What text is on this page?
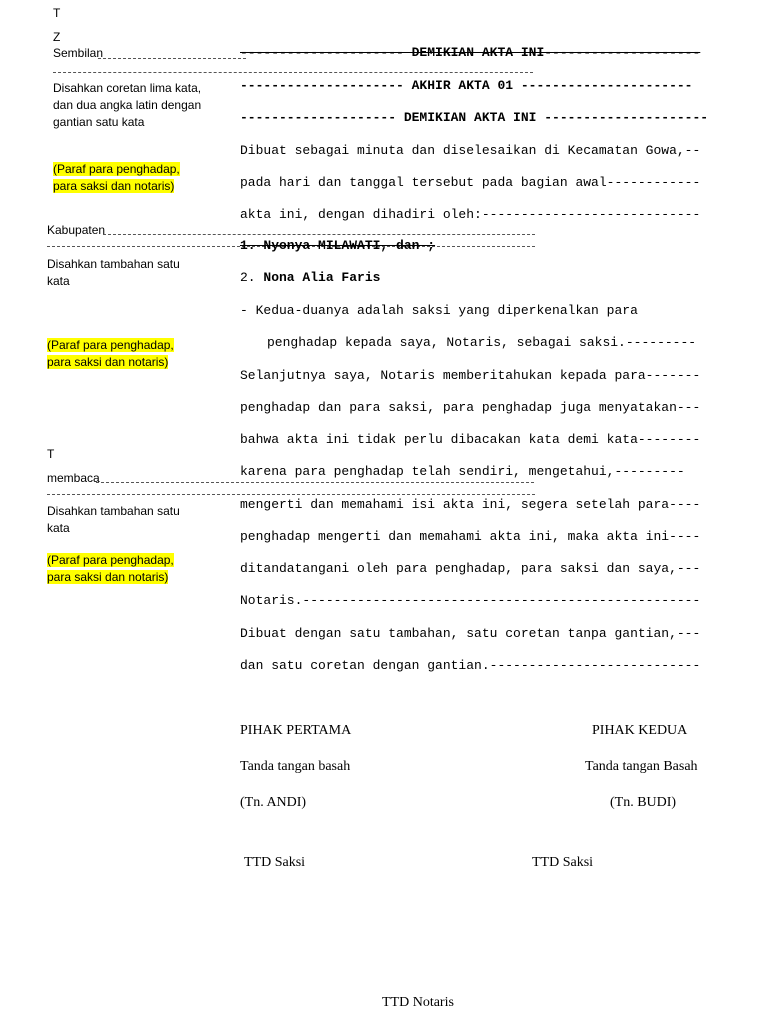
T
Z
Sembilan
Disahkan coretan lima kata, dan dua angka latin dengan gantian satu kata
(Paraf para penghadap, para saksi dan notaris)
Kabupaten
Disahkan tambahan satu kata
(Paraf para penghadap, para saksi dan notaris)
T
membaca
Disahkan tambahan satu kata
(Paraf para penghadap, para saksi dan notaris)
--------------------- DEMIKIAN AKTA INI--------------------
--------------------- AKHIR AKTA 01 ----------------------
-------------------- DEMIKIAN AKTA INI ---------------------
Dibuat sebagai minuta dan diselesaikan di Kecamatan Gowa,--
pada hari dan tanggal tersebut pada bagian awal------------
akta ini, dengan dihadiri oleh:----------------------------
1. Nyonya MILAWATI, dan ;
2. Nona Alia Faris
- Kedua-duanya adalah saksi yang diperkenalkan para
penghadap kepada saya, Notaris, sebagai saksi.---------
Selanjutnya saya, Notaris memberitahukan kepada para-------
penghadap dan para saksi, para penghadap juga menyatakan---
bahwa akta ini tidak perlu dibacakan kata demi kata--------
karena para penghadap telah sendiri, mengetahui,---------
mengerti dan memahami isi akta ini, segera setelah para----
penghadap mengerti dan memahami akta ini, maka akta ini----
ditandatangani oleh para penghadap, para saksi dan saya,---
Notaris.---------------------------------------------------
Dibuat dengan satu tambahan, satu coretan tanpa gantian,---
dan satu coretan dengan gantian.---------------------------
PIHAK PERTAMA	PIHAK KEDUA
Tanda tangan basah	Tanda tangan Basah
(Tn. ANDI)	(Tn. BUDI)
TTD Saksi	TTD Saksi
TTD Notaris
